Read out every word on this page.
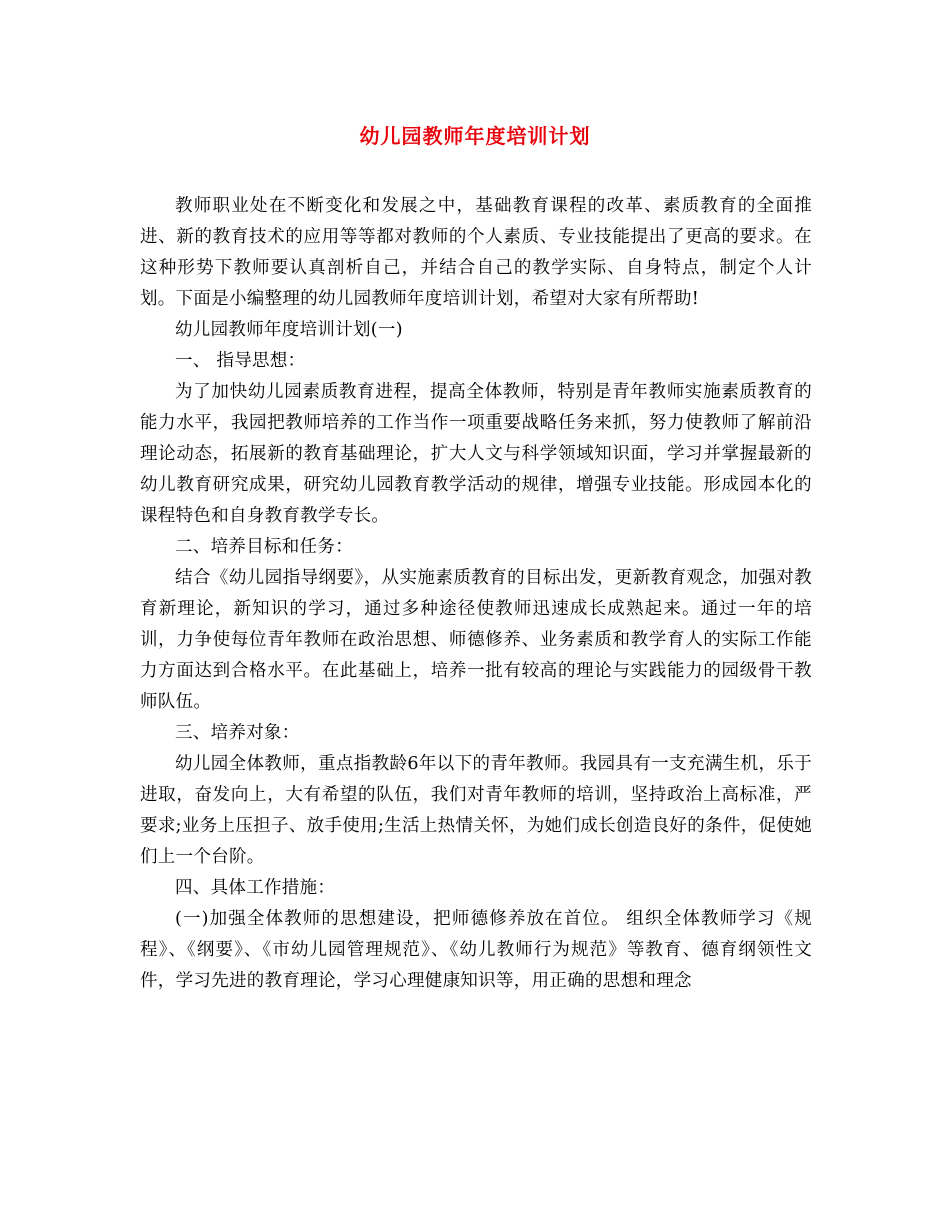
幼儿园教师年度培训计划

教师职业处在不断变化和发展之中，基础教育课程的改革、素质教育的全面推进、新的教育技术的应用等等都对教师的个人素质、专业技能提出了更高的要求。在这种形势下教师要认真剖析自己，并结合自己的教学实际、自身特点，制定个人计划。下面是小编整理的幼儿园教师年度培训计划，希望对大家有所帮助!

幼儿园教师年度培训计划(一)

一、 指导思想：

为了加快幼儿园素质教育进程，提高全体教师，特别是青年教师实施素质教育的能力水平，我园把教师培养的工作当作一项重要战略任务来抓，努力使教师了解前沿理论动态，拓展新的教育基础理论，扩大人文与科学领域知识面，学习并掌握最新的幼儿教育研究成果，研究幼儿园教育教学活动的规律，增强专业技能。形成园本化的课程特色和自身教育教学专长。

二、培养目标和任务：

结合《幼儿园指导纲要》，从实施素质教育的目标出发，更新教育观念，加强对教育新理论，新知识的学习，通过多种途径使教师迅速成长成熟起来。通过一年的培训，力争使每位青年教师在政治思想、师德修养、业务素质和教学育人的实际工作能力方面达到合格水平。在此基础上，培养一批有较高的理论与实践能力的园级骨干教师队伍。

三、培养对象：

幼儿园全体教师，重点指教龄6年以下的青年教师。我园具有一支充满生机，乐于进取，奋发向上，大有希望的队伍，我们对青年教师的培训，坚持政治上高标准，严要求;业务上压担子、放手使用;生活上热情关怀，为她们成长创造良好的条件，促使她们上一个台阶。

四、具体工作措施：

(一)加强全体教师的思想建设，把师德修养放在首位。 组织全体教师学习《规程》、《纲要》、《市幼儿园管理规范》、《幼儿教师行为规范》等教育、德育纲领性文件，学习先进的教育理论，学习心理健康知识等，用正确的思想和理念
